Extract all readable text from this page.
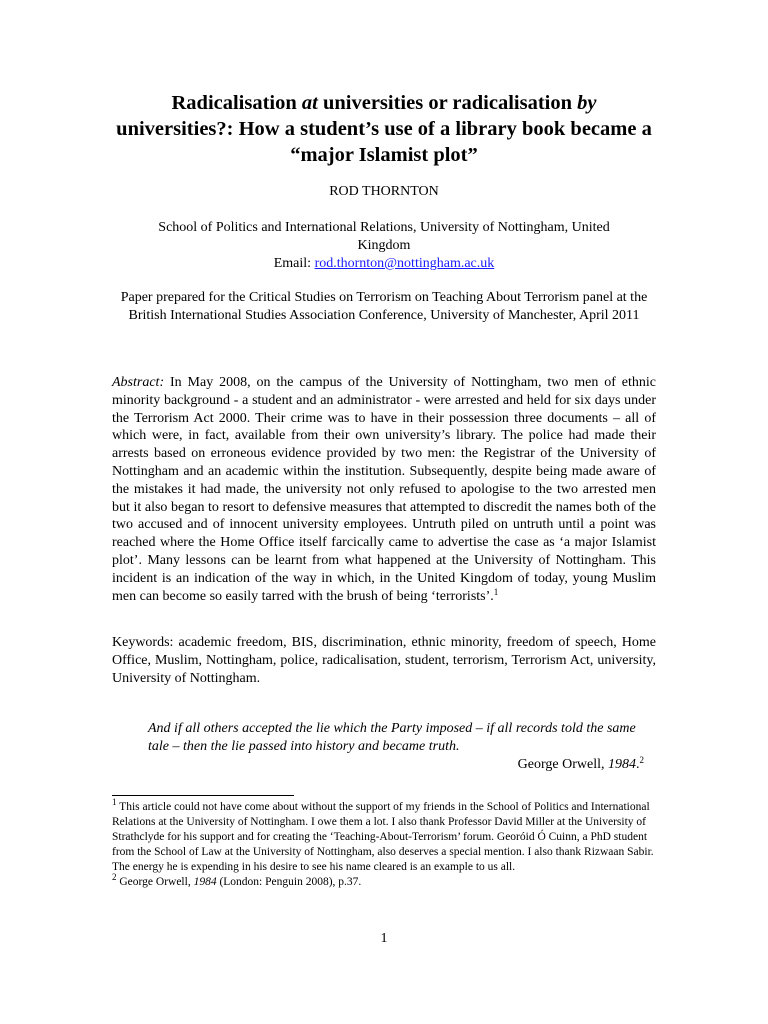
Radicalisation at universities or radicalisation by universities?: How a student’s use of a library book became a “major Islamist plot”
ROD THORNTON
School of Politics and International Relations, University of Nottingham, United Kingdom
Email: rod.thornton@nottingham.ac.uk
Paper prepared for the Critical Studies on Terrorism on Teaching About Terrorism panel at the British International Studies Association Conference, University of Manchester, April 2011
Abstract: In May 2008, on the campus of the University of Nottingham, two men of ethnic minority background - a student and an administrator - were arrested and held for six days under the Terrorism Act 2000. Their crime was to have in their possession three documents – all of which were, in fact, available from their own university’s library. The police had made their arrests based on erroneous evidence provided by two men: the Registrar of the University of Nottingham and an academic within the institution. Subsequently, despite being made aware of the mistakes it had made, the university not only refused to apologise to the two arrested men but it also began to resort to defensive measures that attempted to discredit the names both of the two accused and of innocent university employees. Untruth piled on untruth until a point was reached where the Home Office itself farcically came to advertise the case as ‘a major Islamist plot’. Many lessons can be learnt from what happened at the University of Nottingham. This incident is an indication of the way in which, in the United Kingdom of today, young Muslim men can become so easily tarred with the brush of being ‘terrorists’.$^1$
Keywords: academic freedom, BIS, discrimination, ethnic minority, freedom of speech, Home Office, Muslim, Nottingham, police, radicalisation, student, terrorism, Terrorism Act, university, University of Nottingham.
And if all others accepted the lie which the Party imposed – if all records told the same tale – then the lie passed into history and became truth.
George Orwell, 1984.$^2$

$^1$ This article could not have come about without the support of my friends in the School of Politics and International Relations at the University of Nottingham. I owe them a lot. I also thank Professor David Miller at the University of Strathclyde for his support and for creating the ‘Teaching-About-Terrorism’ forum. Georóid Ó Cuinn, a PhD student from the School of Law at the University of Nottingham, also deserves a special mention. I also thank Rizwaan Sabir. The energy he is expending in his desire to see his name cleared is an example to us all.

$^2$ George Orwell, 1984 (London: Penguin 2008), p.37.

1
